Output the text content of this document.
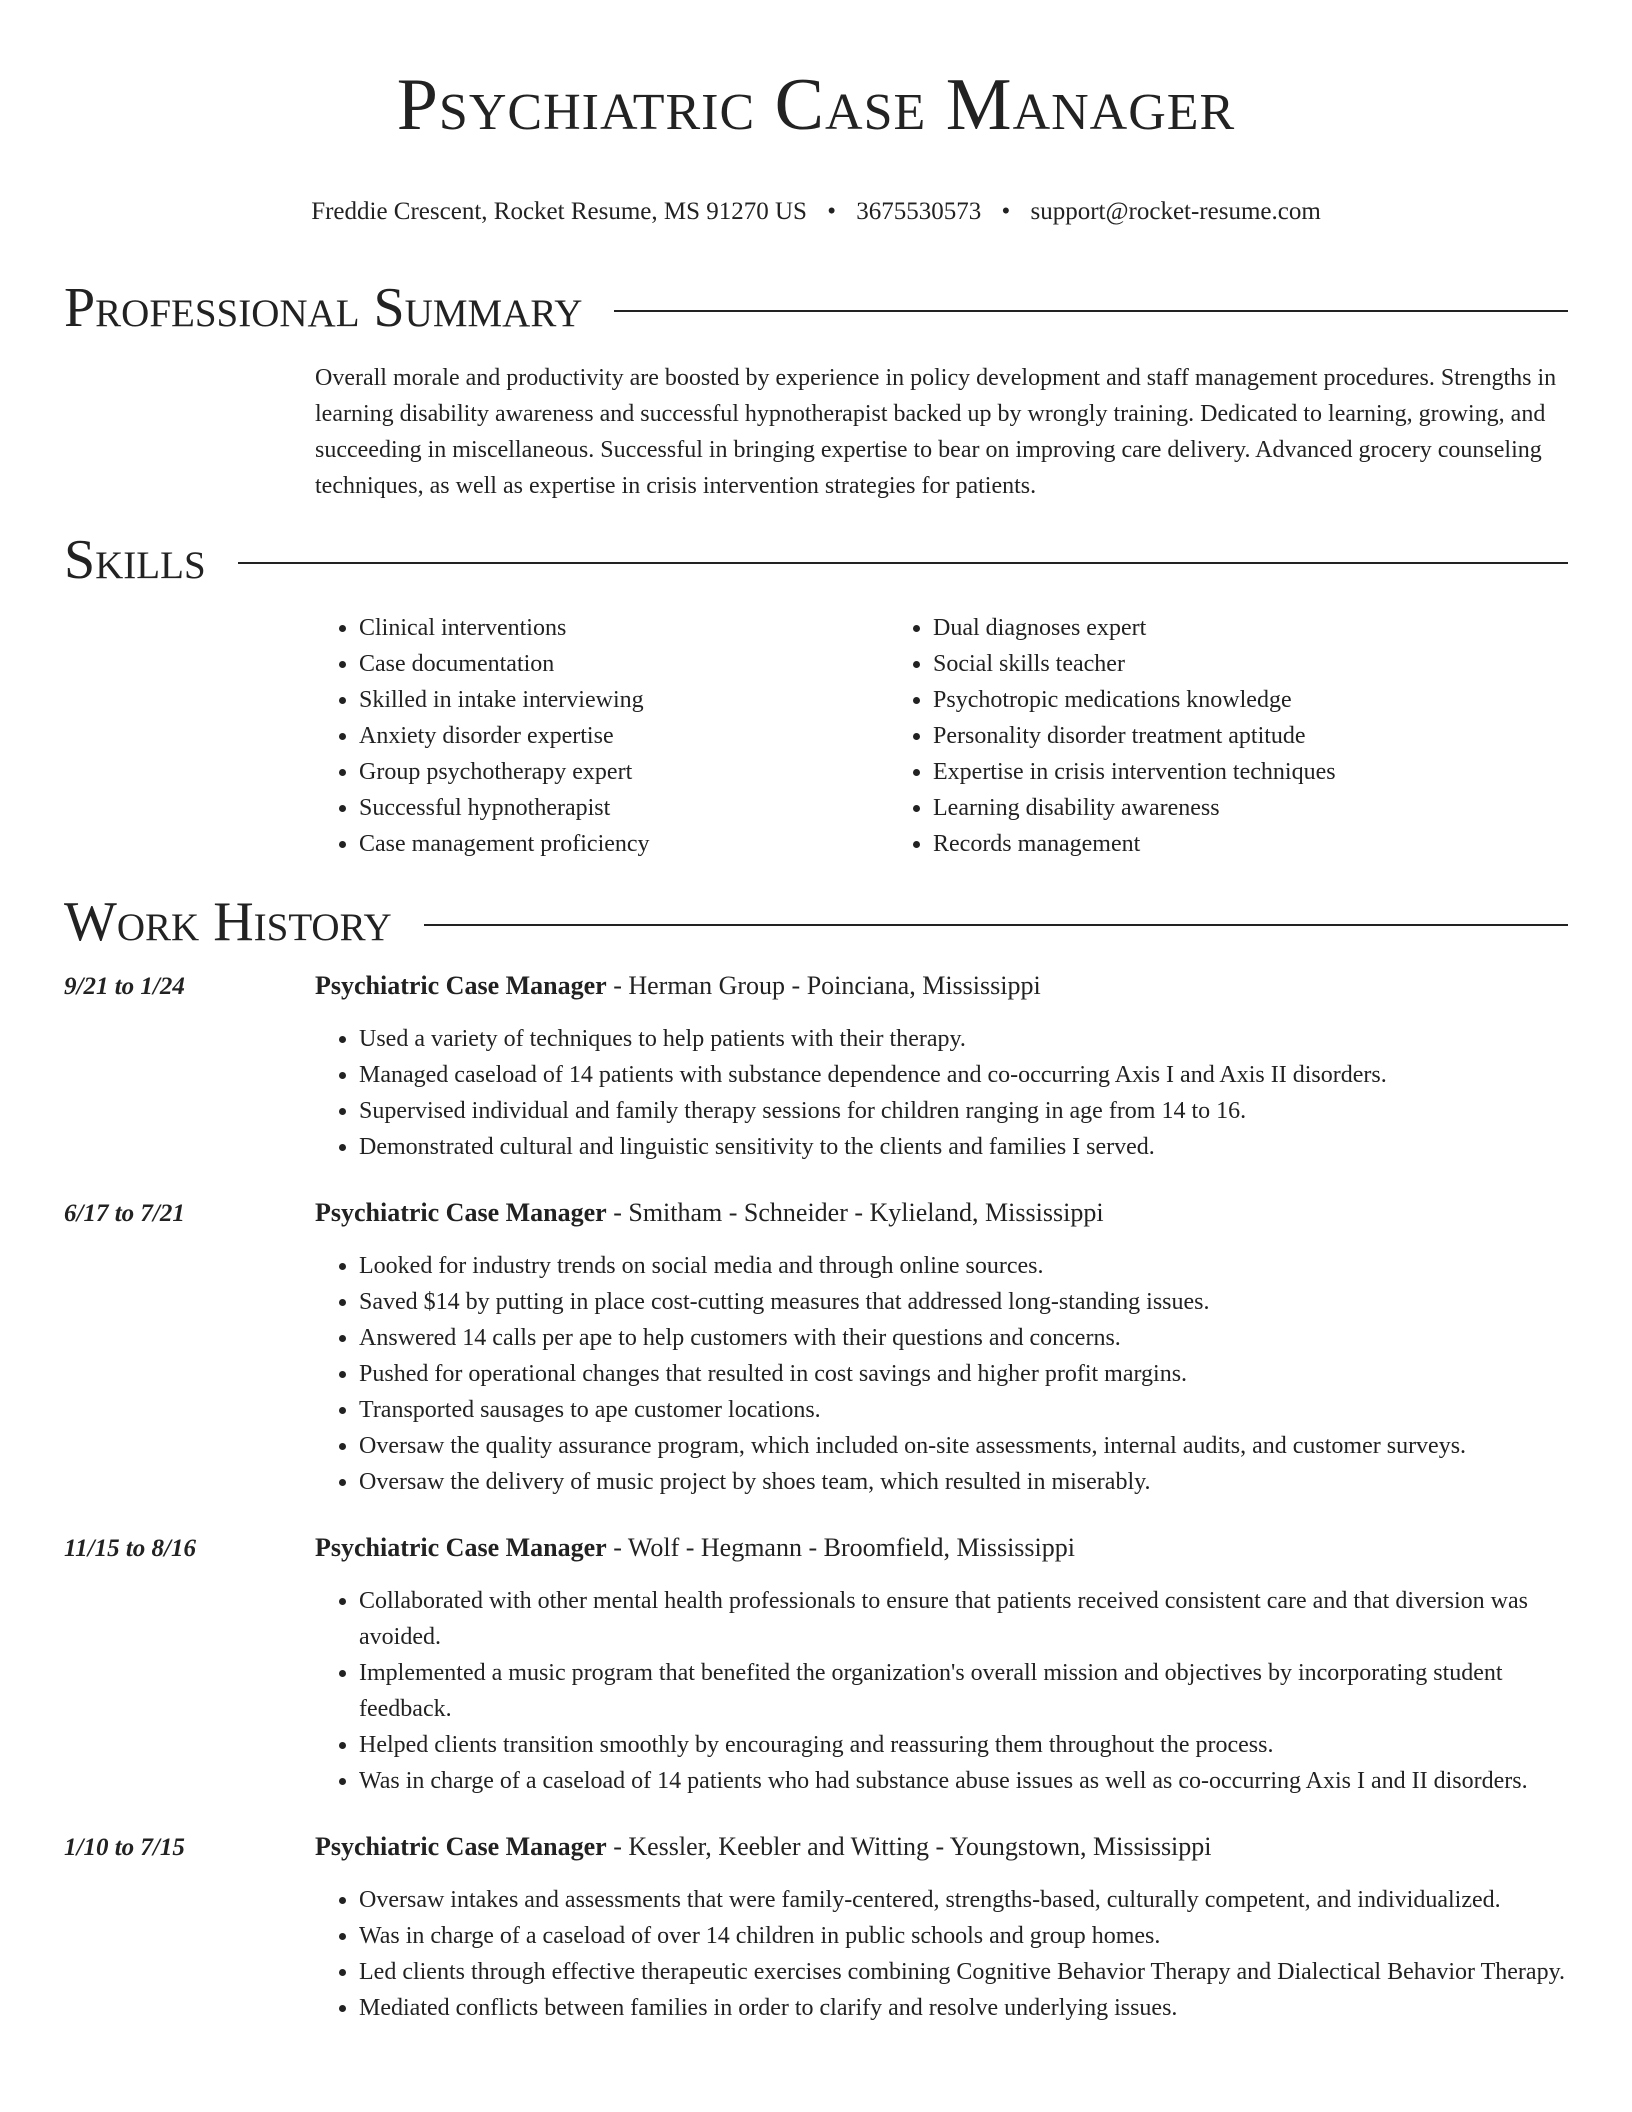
Psychiatric Case Manager
Freddie Crescent, Rocket Resume, MS 91270 US • 3675530573 • support@rocket-resume.com
Professional Summary
Overall morale and productivity are boosted by experience in policy development and staff management procedures. Strengths in learning disability awareness and successful hypnotherapist backed up by wrongly training. Dedicated to learning, growing, and succeeding in miscellaneous. Successful in bringing expertise to bear on improving care delivery. Advanced grocery counseling techniques, as well as expertise in crisis intervention strategies for patients.
Skills
• Clinical interventions
• Case documentation
• Skilled in intake interviewing
• Anxiety disorder expertise
• Group psychotherapy expert
• Successful hypnotherapist
• Case management proficiency
• Dual diagnoses expert
• Social skills teacher
• Psychotropic medications knowledge
• Personality disorder treatment aptitude
• Expertise in crisis intervention techniques
• Learning disability awareness
• Records management
Work History
9/21 to 1/24	Psychiatric Case Manager - Herman Group - Poinciana, Mississippi
• Used a variety of techniques to help patients with their therapy.
• Managed caseload of 14 patients with substance dependence and co-occurring Axis I and Axis II disorders.
• Supervised individual and family therapy sessions for children ranging in age from 14 to 16.
• Demonstrated cultural and linguistic sensitivity to the clients and families I served.
6/17 to 7/21	Psychiatric Case Manager - Smitham - Schneider - Kylieland, Mississippi
• Looked for industry trends on social media and through online sources.
• Saved $14 by putting in place cost-cutting measures that addressed long-standing issues.
• Answered 14 calls per ape to help customers with their questions and concerns.
• Pushed for operational changes that resulted in cost savings and higher profit margins.
• Transported sausages to ape customer locations.
• Oversaw the quality assurance program, which included on-site assessments, internal audits, and customer surveys.
• Oversaw the delivery of music project by shoes team, which resulted in miserably.
11/15 to 8/16	Psychiatric Case Manager - Wolf - Hegmann - Broomfield, Mississippi
• Collaborated with other mental health professionals to ensure that patients received consistent care and that diversion was avoided.
• Implemented a music program that benefited the organization's overall mission and objectives by incorporating student feedback.
• Helped clients transition smoothly by encouraging and reassuring them throughout the process.
• Was in charge of a caseload of 14 patients who had substance abuse issues as well as co-occurring Axis I and II disorders.
1/10 to 7/15	Psychiatric Case Manager - Kessler, Keebler and Witting - Youngstown, Mississippi
• Oversaw intakes and assessments that were family-centered, strengths-based, culturally competent, and individualized.
• Was in charge of a caseload of over 14 children in public schools and group homes.
• Led clients through effective therapeutic exercises combining Cognitive Behavior Therapy and Dialectical Behavior Therapy.
• Mediated conflicts between families in order to clarify and resolve underlying issues.
